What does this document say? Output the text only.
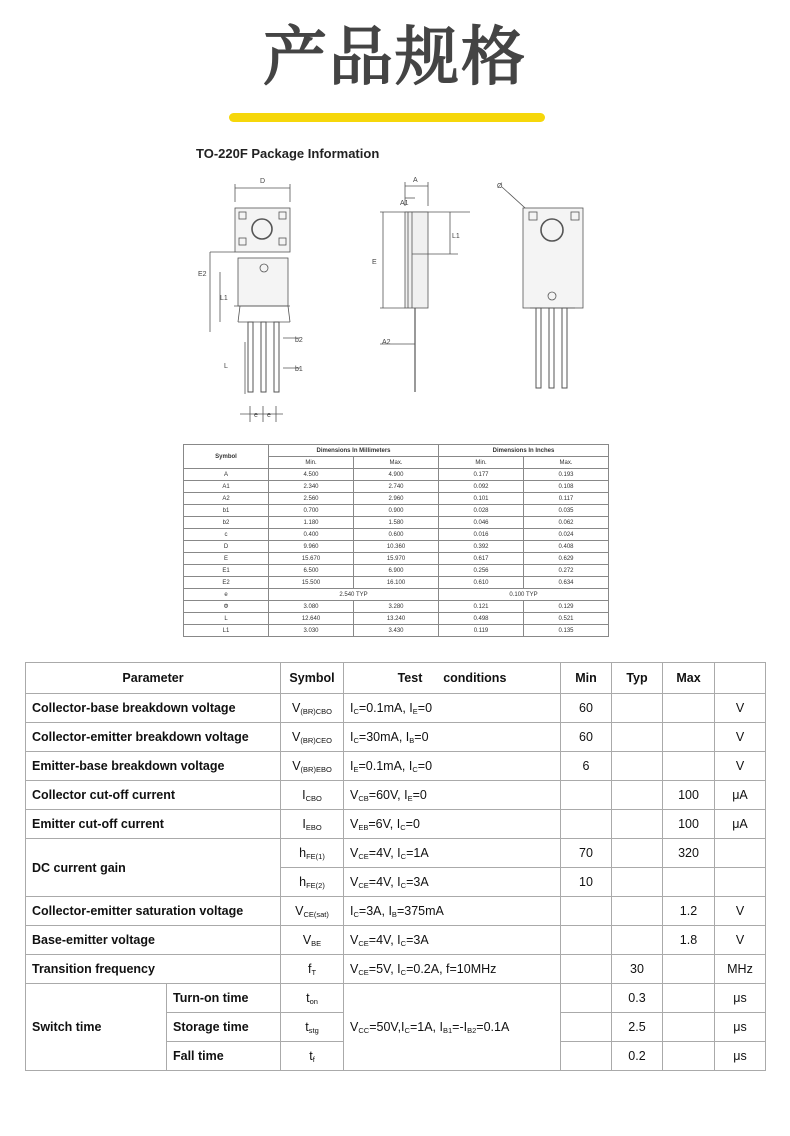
产品规格
TO-220F Package Information
D
E2
L1
L
b2
b1
e e
A
A1
A2
E
L1
Ø
Symbol	Dimensions In Millimeters		Dimensions In Inches	
	Min.	Max.	Min.	Max.
A	4.500	4.900	0.177	0.193
A1	2.340	2.740	0.092	0.108
A2	2.560	2.960	0.101	0.117
b1	0.700	0.900	0.028	0.035
b2	1.180	1.580	0.046	0.062
c	0.400	0.600	0.016	0.024
D	9.960	10.360	0.392	0.408
E	15.670	15.970	0.617	0.629
E1	6.500	6.900	0.256	0.272
E2	15.500	16.100	0.610	0.634
e	2.540 TYP		0.100 TYP	
Φ	3.080	3.280	0.121	0.129
L	12.640	13.240	0.498	0.521
L1	3.030	3.430	0.119	0.135
Parameter		Symbol	Test      conditions	Min	Typ	Max	
Collector-base breakdown voltage		$V_{(BR)CBO}$	$I_C=0.1mA$, $I_E=0$	60			V
Collector-emitter breakdown voltage		$V_{(BR)CEO}$	$I_C=30mA$, $I_B=0$	60			V
Emitter-base breakdown voltage		$V_{(BR)EBO}$	$I_E=0.1mA$, $I_C=0$	6			V
Collector cut-off current		$I_{CBO}$	$V_{CB}=60V$, $I_E=0$			100	μA
Emitter cut-off current		$I_{EBO}$	$V_{EB}=6V$, $I_C=0$			100	μA
DC current gain		$h_{FE(1)}$	$V_{CE}=4V$, $I_C=1A$	70		320	
		$h_{FE(2)}$	$V_{CE}=4V$, $I_C=3A$	10			
Collector-emitter saturation voltage		$V_{CE(sat)}$	$I_C=3A$, $I_B=375mA$			1.2	V
Base-emitter voltage		$V_{BE}$	$V_{CE}=4V$, $I_C=3A$			1.8	V
Transition frequency		$f_T$	$V_{CE}=5V$, $I_C=0.2A$, f=10MHz		30		MHz
Switch time	Turn-on time	$t_{on}$	$V_{CC}=50V,I_C=1A$, $I_{B1}=-I_{B2}=0.1A$		0.3		μs
	Storage time	$t_{stg}$			2.5		μs
	Fall time	$t_f$			0.2		μs
